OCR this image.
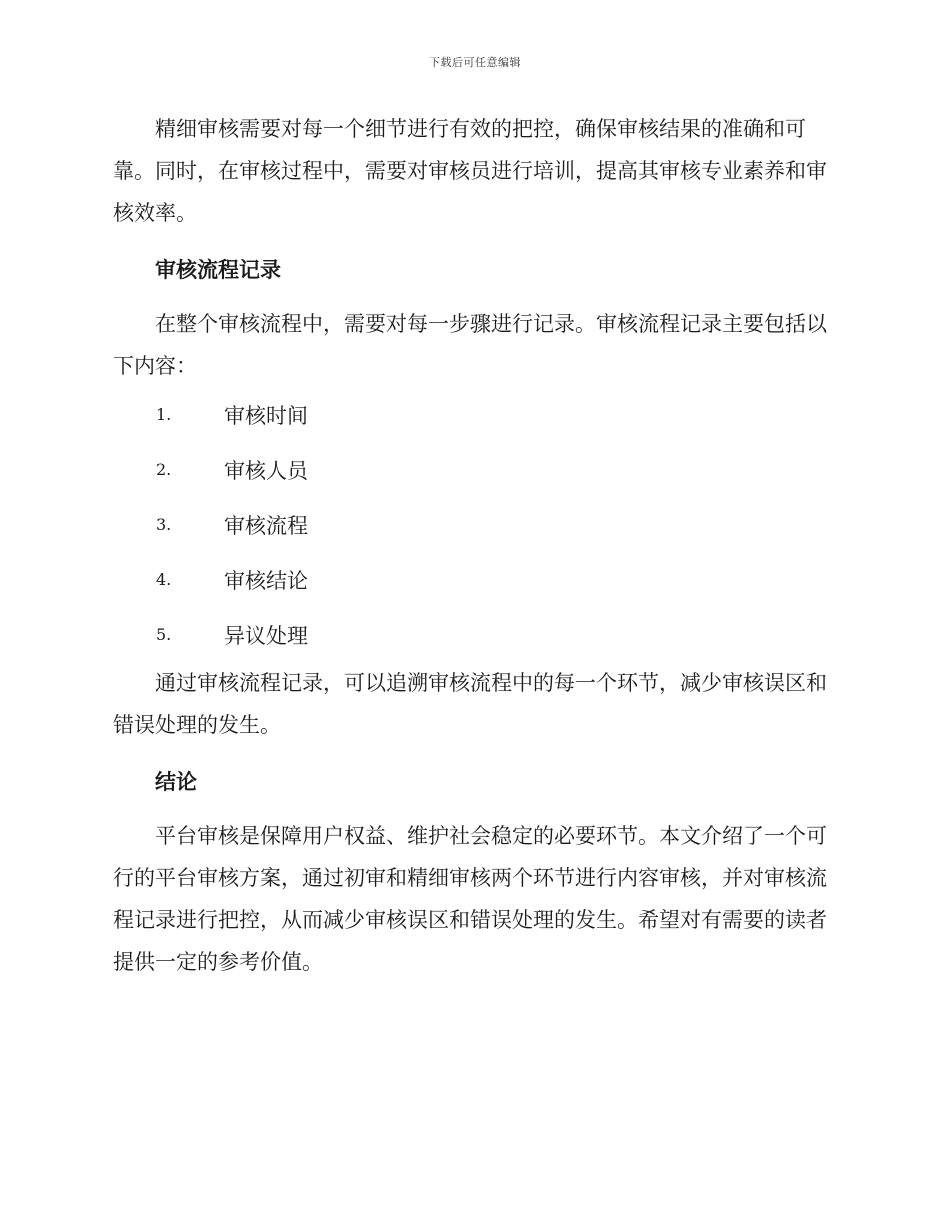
下载后可任意编辑

精细审核需要对每一个细节进行有效的把控，确保审核结果的准确和可靠。同时，在审核过程中，需要对审核员进行培训，提高其审核专业素养和审核效率。

审核流程记录

在整个审核流程中，需要对每一步骤进行记录。审核流程记录主要包括以下内容：

1.	审核时间
2.	审核人员
3.	审核流程
4.	审核结论
5.	异议处理

通过审核流程记录，可以追溯审核流程中的每一个环节，减少审核误区和错误处理的发生。

结论

平台审核是保障用户权益、维护社会稳定的必要环节。本文介绍了一个可行的平台审核方案，通过初审和精细审核两个环节进行内容审核，并对审核流程记录进行把控，从而减少审核误区和错误处理的发生。希望对有需要的读者提供一定的参考价值。
